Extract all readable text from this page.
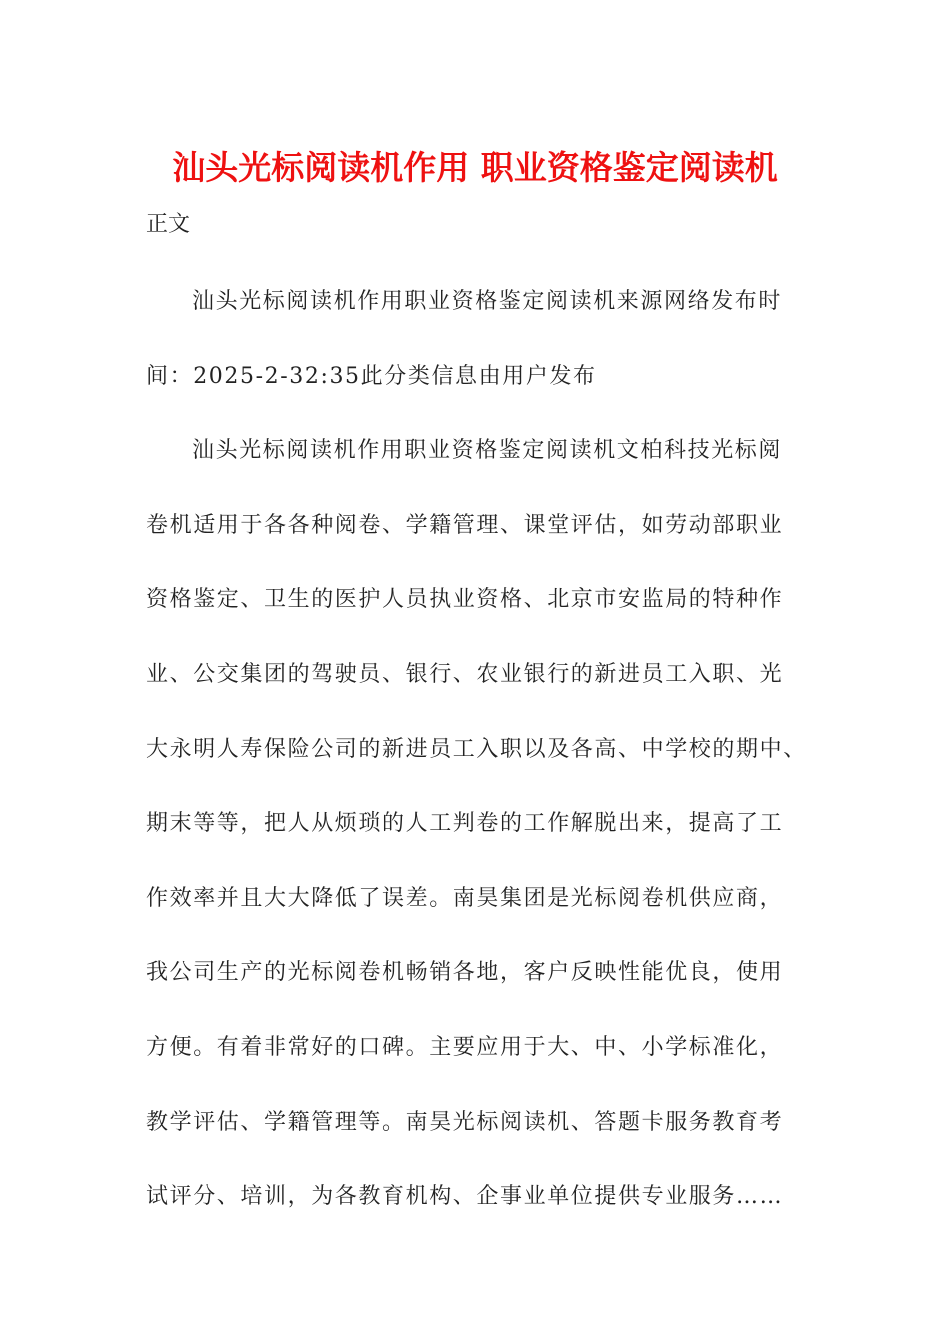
汕头光标阅读机作用 职业资格鉴定阅读机
正文
汕头光标阅读机作用职业资格鉴定阅读机来源网络发布时
间：2025-2-32:35此分类信息由用户发布
汕头光标阅读机作用职业资格鉴定阅读机文柏科技光标阅
卷机适用于各各种阅卷、学籍管理、课堂评估，如劳动部职业
资格鉴定、卫生的医护人员执业资格、北京市安监局的特种作
业、公交集团的驾驶员、银行、农业银行的新进员工入职、光
大永明人寿保险公司的新进员工入职以及各高、中学校的期中、
期末等等，把人从烦琐的人工判卷的工作解脱出来，提高了工
作效率并且大大降低了误差。南昊集团是光标阅卷机供应商，
我公司生产的光标阅卷机畅销各地，客户反映性能优良，使用
方便。有着非常好的口碑。主要应用于大、中、小学标准化，
教学评估、学籍管理等。南昊光标阅读机、答题卡服务教育考
试评分、培训，为各教育机构、企事业单位提供专业服务……
